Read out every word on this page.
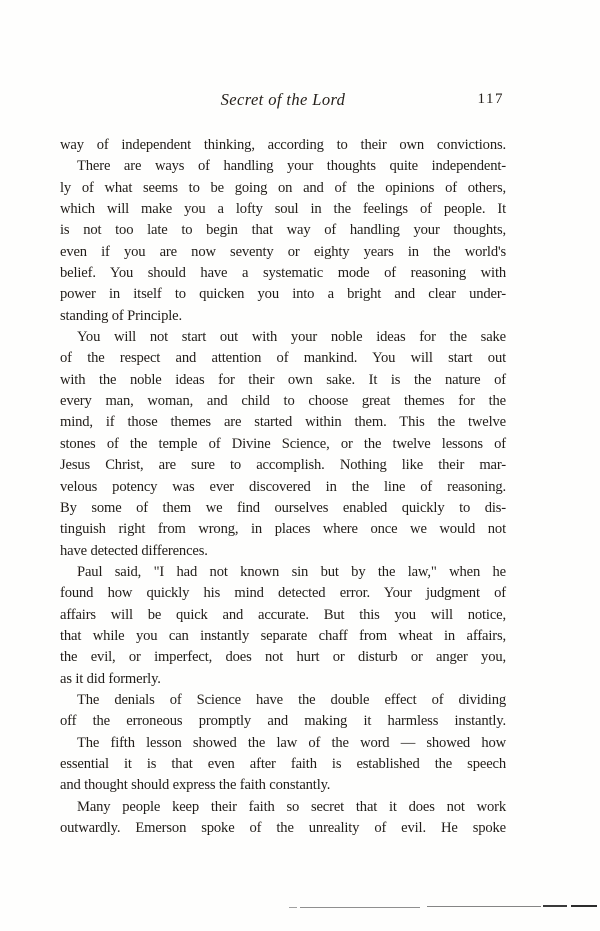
Secret of the Lord	117
way of independent thinking, according to their own convictions.
There are ways of handling your thoughts quite independent-
ly of what seems to be going on and of the opinions of others,
which will make you a lofty soul in the feelings of people. It
is not too late to begin that way of handling your thoughts,
even if you are now seventy or eighty years in the world's
belief. You should have a systematic mode of reasoning with
power in itself to quicken you into a bright and clear under-
standing of Principle.
You will not start out with your noble ideas for the sake
of the respect and attention of mankind. You will start out
with the noble ideas for their own sake. It is the nature of
every man, woman, and child to choose great themes for the
mind, if those themes are started within them. This the twelve
stones of the temple of Divine Science, or the twelve lessons of
Jesus Christ, are sure to accomplish. Nothing like their mar-
velous potency was ever discovered in the line of reasoning.
By some of them we find ourselves enabled quickly to dis-
tinguish right from wrong, in places where once we would not
have detected differences.
Paul said, "I had not known sin but by the law," when he
found how quickly his mind detected error. Your judgment of
affairs will be quick and accurate. But this you will notice,
that while you can instantly separate chaff from wheat in affairs,
the evil, or imperfect, does not hurt or disturb or anger you,
as it did formerly.
The denials of Science have the double effect of dividing
off the erroneous promptly and making it harmless instantly.
The fifth lesson showed the law of the word — showed how
essential it is that even after faith is established the speech
and thought should express the faith constantly.
Many people keep their faith so secret that it does not work
outwardly. Emerson spoke of the unreality of evil. He spoke
